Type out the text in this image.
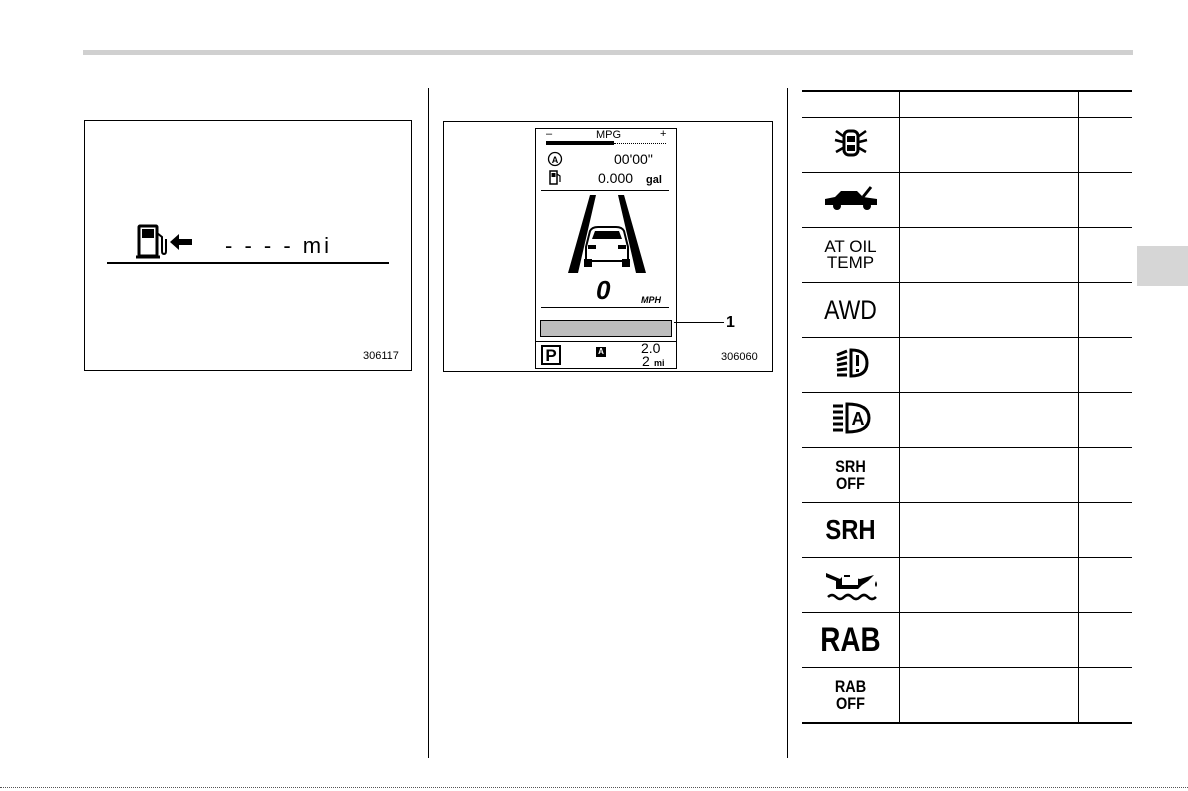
- - - - mi
306117
–	MPG	+
A	00'00"
0.000 gal
0	MPH
P	A	2.0
2 mi
1
306060

AT OIL
TEMP		

AWD		

A		

SRH
OFF		

SRH		

RAB		

RAB
OFF		
